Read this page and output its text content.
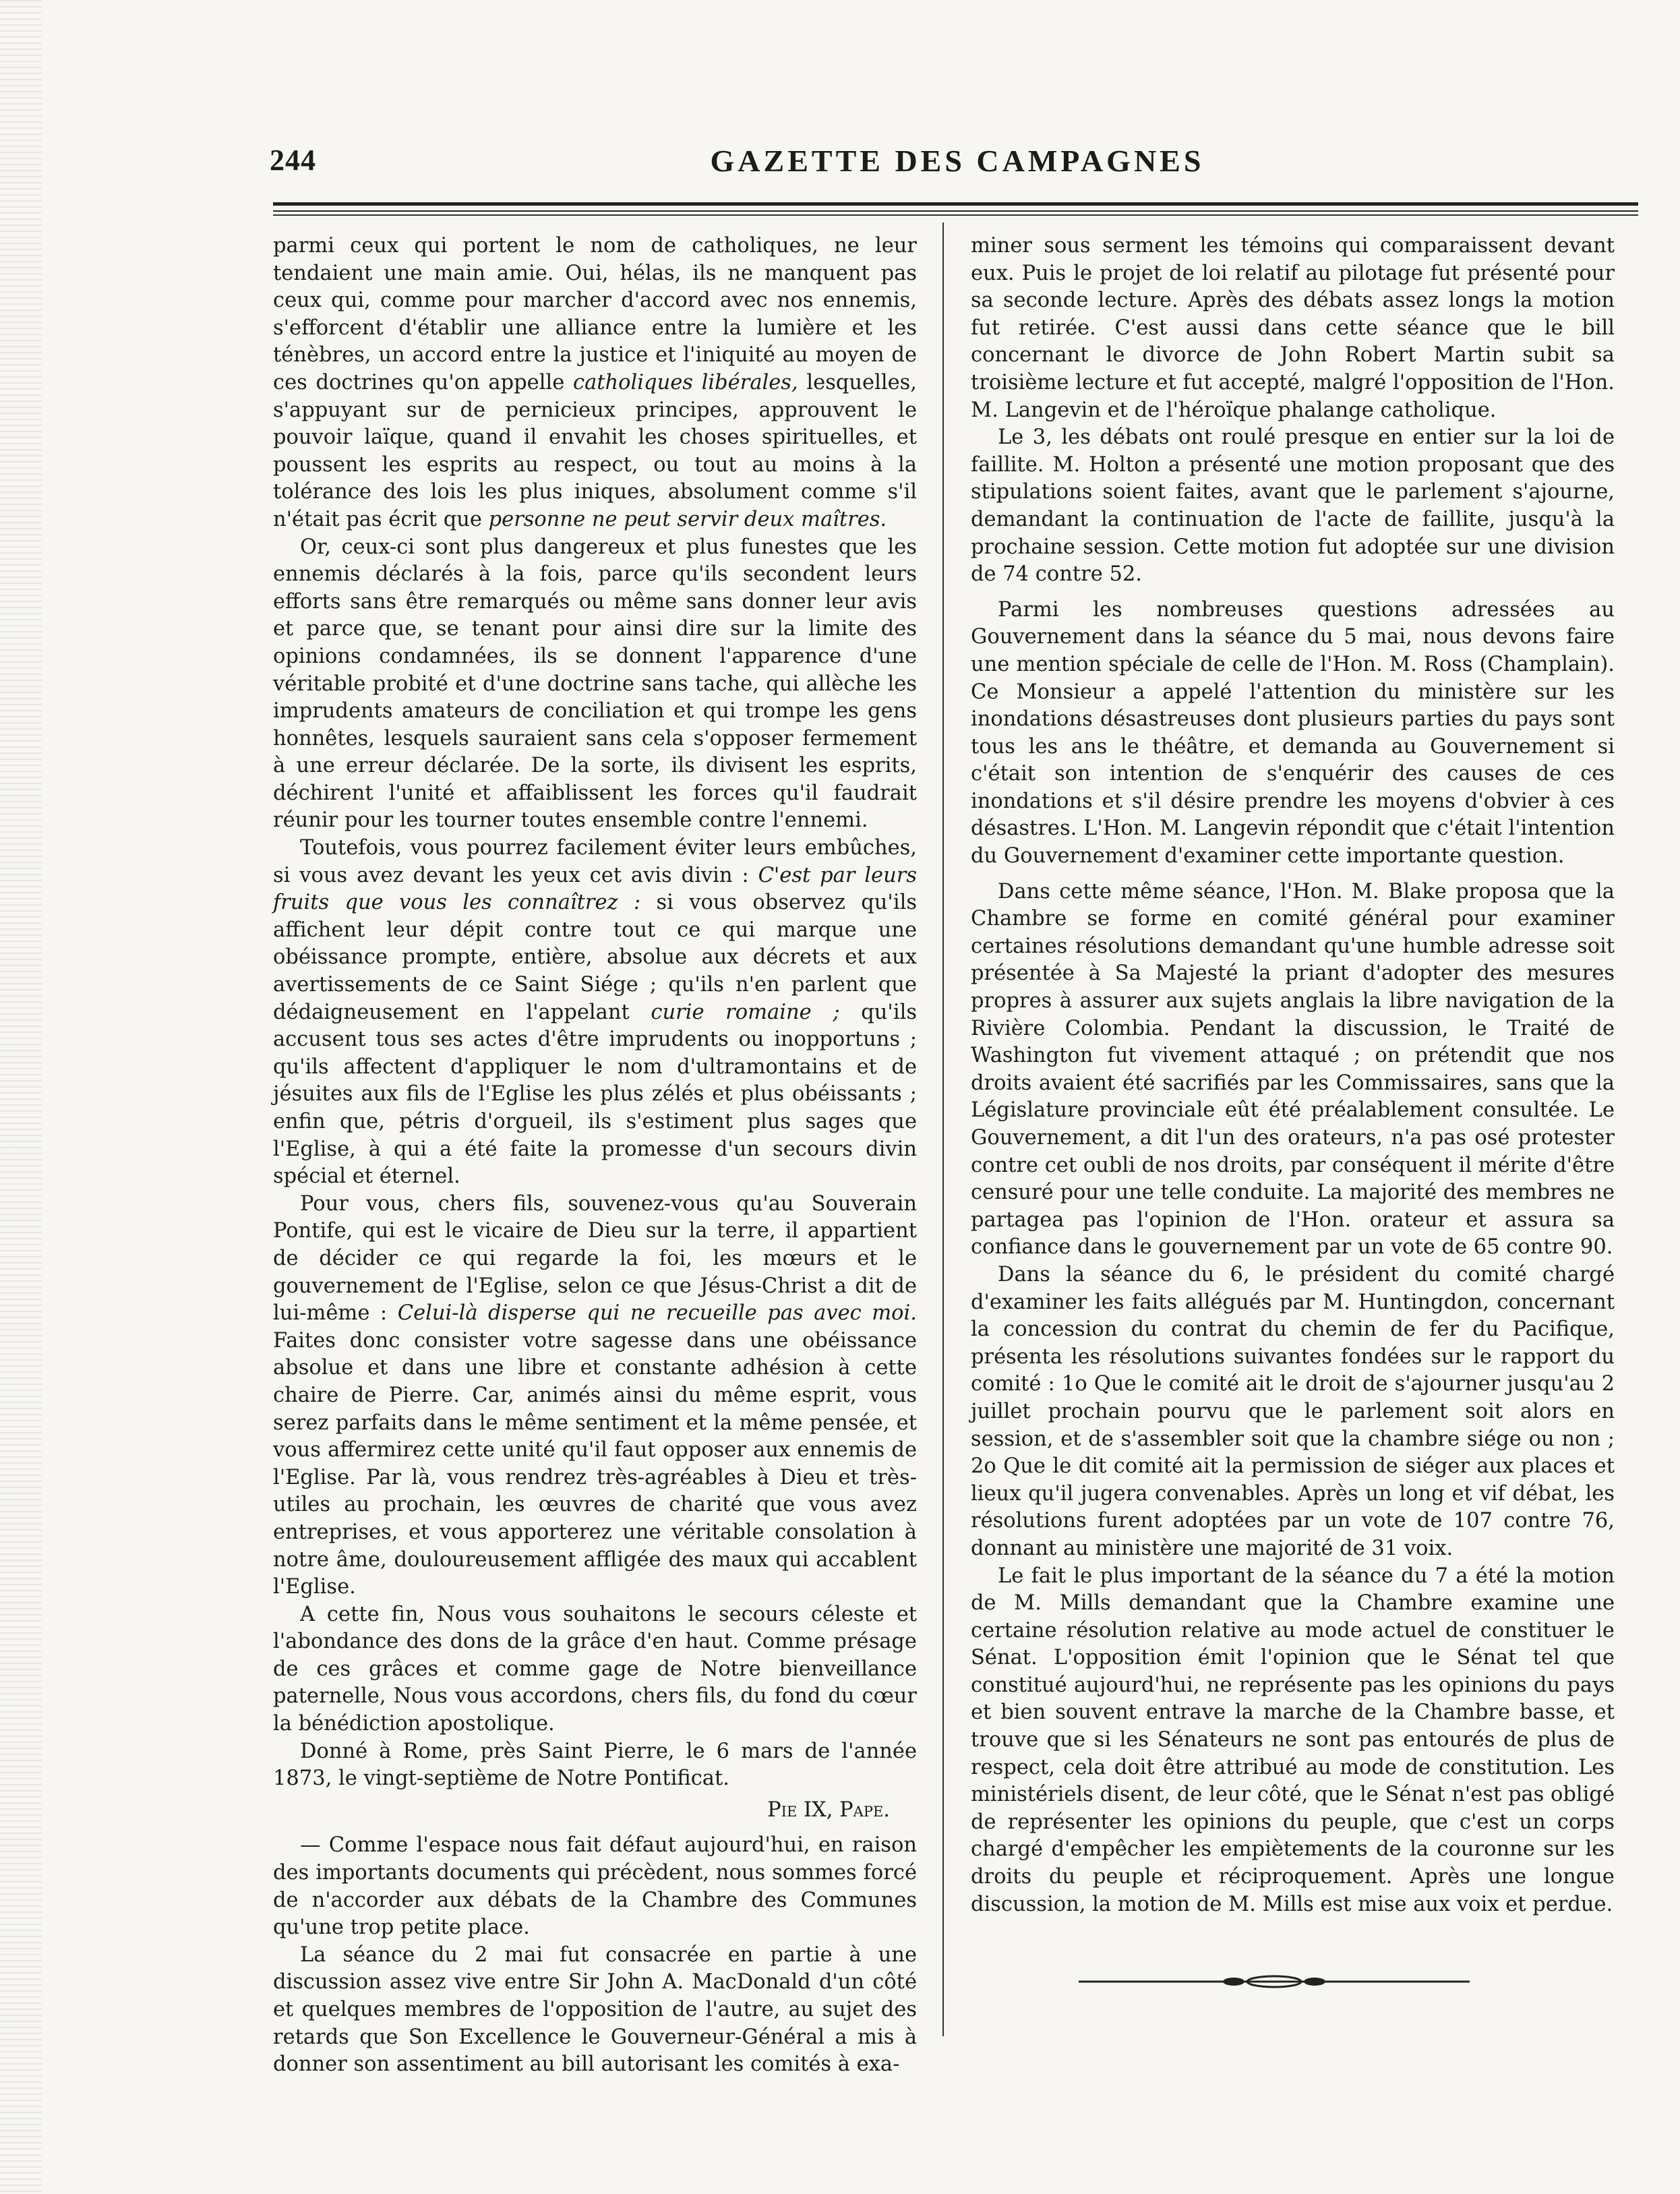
244	GAZETTE DES CAMPAGNES

parmi ceux qui portent le nom de catholiques, ne leur tendaient une main amie. Oui, hélas, ils ne manquent pas ceux qui, comme pour marcher d'accord avec nos ennemis, s'efforcent d'établir une alliance entre la lumière et les ténèbres, un accord entre la justice et l'iniquité au moyen de ces doctrines qu'on appelle catholiques libérales, lesquelles, s'appuyant sur de pernicieux principes, approuvent le pouvoir laïque, quand il envahit les choses spirituelles, et poussent les esprits au respect, ou tout au moins à la tolérance des lois les plus iniques, absolument comme s'il n'était pas écrit que personne ne peut servir deux maîtres.

Or, ceux-ci sont plus dangereux et plus funestes que les ennemis déclarés à la fois, parce qu'ils secondent leurs efforts sans être remarqués ou même sans donner leur avis et parce que, se tenant pour ainsi dire sur la limite des opinions condamnées, ils se donnent l'apparence d'une véritable probité et d'une doctrine sans tache, qui allèche les imprudents amateurs de conciliation et qui trompe les gens honnêtes, lesquels sauraient sans cela s'opposer fermement à une erreur déclarée. De la sorte, ils divisent les esprits, déchirent l'unité et affaiblissent les forces qu'il faudrait réunir pour les tourner toutes ensemble contre l'ennemi.

Toutefois, vous pourrez facilement éviter leurs embûches, si vous avez devant les yeux cet avis divin : C'est par leurs fruits que vous les connaîtrez : si vous observez qu'ils affichent leur dépit contre tout ce qui marque une obéissance prompte, entière, absolue aux décrets et aux avertissements de ce Saint Siége ; qu'ils n'en parlent que dédaigneusement en l'appelant curie romaine ; qu'ils accusent tous ses actes d'être imprudents ou inopportuns ; qu'ils affectent d'appliquer le nom d'ultramontains et de jésuites aux fils de l'Eglise les plus zélés et plus obéissants ; enfin que, pétris d'orgueil, ils s'estiment plus sages que l'Eglise, à qui a été faite la promesse d'un secours divin spécial et éternel.

Pour vous, chers fils, souvenez-vous qu'au Souverain Pontife, qui est le vicaire de Dieu sur la terre, il appartient de décider ce qui regarde la foi, les mœurs et le gouvernement de l'Eglise, selon ce que Jésus-Christ a dit de lui-même : Celui-là disperse qui ne recueille pas avec moi. Faites donc consister votre sagesse dans une obéissance absolue et dans une libre et constante adhésion à cette chaire de Pierre. Car, animés ainsi du même esprit, vous serez parfaits dans le même sentiment et la même pensée, et vous affermirez cette unité qu'il faut opposer aux ennemis de l'Eglise. Par là, vous rendrez très-agréables à Dieu et très-utiles au prochain, les œuvres de charité que vous avez entreprises, et vous apporterez une véritable consolation à notre âme, douloureusement affligée des maux qui accablent l'Eglise.

A cette fin, Nous vous souhaitons le secours céleste et l'abondance des dons de la grâce d'en haut. Comme présage de ces grâces et comme gage de Notre bienveillance paternelle, Nous vous accordons, chers fils, du fond du cœur la bénédiction apostolique.

Donné à Rome, près Saint Pierre, le 6 mars de l'année 1873, le vingt-septième de Notre Pontificat.

Pie IX, Pape.

— Comme l'espace nous fait défaut aujourd'hui, en raison des importants documents qui précèdent, nous sommes forcé de n'accorder aux débats de la Chambre des Communes qu'une trop petite place.

La séance du 2 mai fut consacrée en partie à une discussion assez vive entre Sir John A. MacDonald d'un côté et quelques membres de l'opposition de l'autre, au sujet des retards que Son Excellence le Gouverneur-Général a mis à donner son assentiment au bill autorisant les comités à exa-

miner sous serment les témoins qui comparaissent devant eux. Puis le projet de loi relatif au pilotage fut présenté pour sa seconde lecture. Après des débats assez longs la motion fut retirée. C'est aussi dans cette séance que le bill concernant le divorce de John Robert Martin subit sa troisième lecture et fut accepté, malgré l'opposition de l'Hon. M. Langevin et de l'héroïque phalange catholique.

Le 3, les débats ont roulé presque en entier sur la loi de faillite. M. Holton a présenté une motion proposant que des stipulations soient faites, avant que le parlement s'ajourne, demandant la continuation de l'acte de faillite, jusqu'à la prochaine session. Cette motion fut adoptée sur une division de 74 contre 52.

Parmi les nombreuses questions adressées au Gouvernement dans la séance du 5 mai, nous devons faire une mention spéciale de celle de l'Hon. M. Ross (Champlain). Ce Monsieur a appelé l'attention du ministère sur les inondations désastreuses dont plusieurs parties du pays sont tous les ans le théâtre, et demanda au Gouvernement si c'était son intention de s'enquérir des causes de ces inondations et s'il désire prendre les moyens d'obvier à ces désastres. L'Hon. M. Langevin répondit que c'était l'intention du Gouvernement d'examiner cette importante question.

Dans cette même séance, l'Hon. M. Blake proposa que la Chambre se forme en comité général pour examiner certaines résolutions demandant qu'une humble adresse soit présentée à Sa Majesté la priant d'adopter des mesures propres à assurer aux sujets anglais la libre navigation de la Rivière Colombia. Pendant la discussion, le Traité de Washington fut vivement attaqué ; on prétendit que nos droits avaient été sacrifiés par les Commissaires, sans que la Législature provinciale eût été préalablement consultée. Le Gouvernement, a dit l'un des orateurs, n'a pas osé protester contre cet oubli de nos droits, par conséquent il mérite d'être censuré pour une telle conduite. La majorité des membres ne partagea pas l'opinion de l'Hon. orateur et assura sa confiance dans le gouvernement par un vote de 65 contre 90.

Dans la séance du 6, le président du comité chargé d'examiner les faits allégués par M. Huntingdon, concernant la concession du contrat du chemin de fer du Pacifique, présenta les résolutions suivantes fondées sur le rapport du comité : 1o Que le comité ait le droit de s'ajourner jusqu'au 2 juillet prochain pourvu que le parlement soit alors en session, et de s'assembler soit que la chambre siége ou non ; 2o Que le dit comité ait la permission de siéger aux places et lieux qu'il jugera convenables. Après un long et vif débat, les résolutions furent adoptées par un vote de 107 contre 76, donnant au ministère une majorité de 31 voix.

Le fait le plus important de la séance du 7 a été la motion de M. Mills demandant que la Chambre examine une certaine résolution relative au mode actuel de constituer le Sénat. L'opposition émit l'opinion que le Sénat tel que constitué aujourd'hui, ne représente pas les opinions du pays et bien souvent entrave la marche de la Chambre basse, et trouve que si les Sénateurs ne sont pas entourés de plus de respect, cela doit être attribué au mode de constitution. Les ministériels disent, de leur côté, que le Sénat n'est pas obligé de représenter les opinions du peuple, que c'est un corps chargé d'empêcher les empiètements de la couronne sur les droits du peuple et réciproquement. Après une longue discussion, la motion de M. Mills est mise aux voix et perdue.
